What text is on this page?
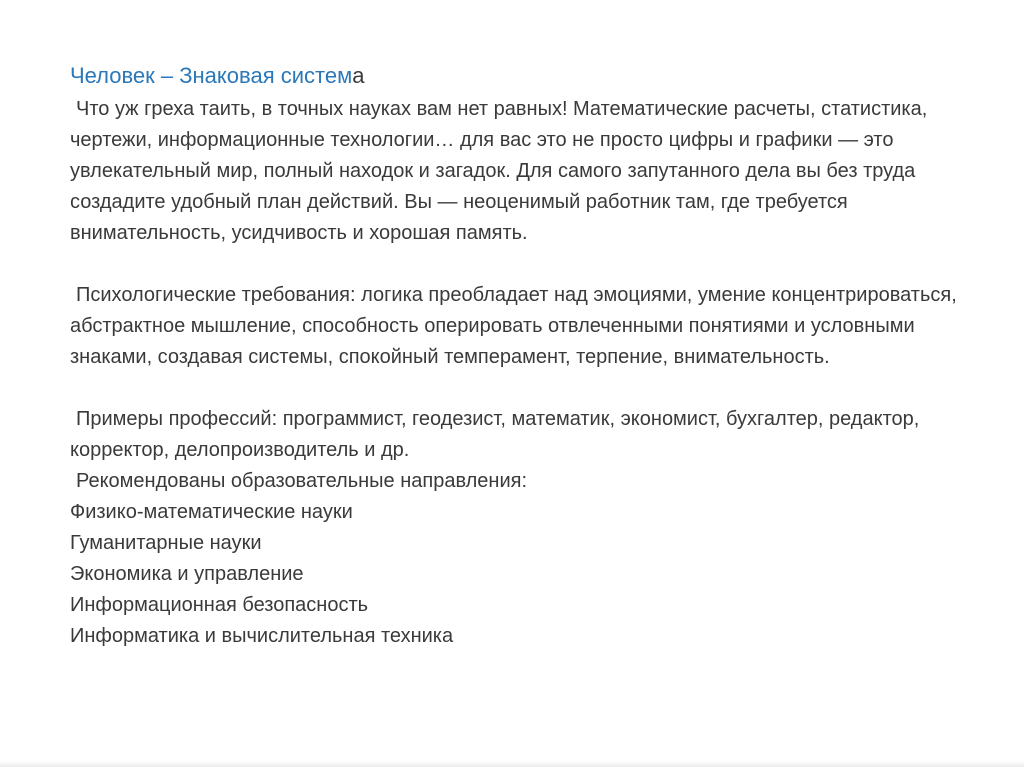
Человек – Знаковая система

Что уж греха таить, в точных науках вам нет равных! Математические расчеты, статистика, чертежи, информационные технологии… для вас это не просто цифры и графики — это увлекательный мир, полный находок и загадок. Для самого запутанного дела вы без труда создадите удобный план действий. Вы — неоценимый работник там, где требуется внимательность, усидчивость и хорошая память.

Психологические требования: логика преобладает над эмоциями, умение концентрироваться, абстрактное мышление, способность оперировать отвлеченными понятиями и условными знаками, создавая системы, спокойный темперамент, терпение, внимательность.

Примеры профессий: программист, геодезист, математик, экономист, бухгалтер, редактор, корректор, делопроизводитель и др.

Рекомендованы образовательные направления:

Физико-математические науки

Гуманитарные науки

Экономика и управление

Информационная безопасность

Информатика и вычислительная техника
